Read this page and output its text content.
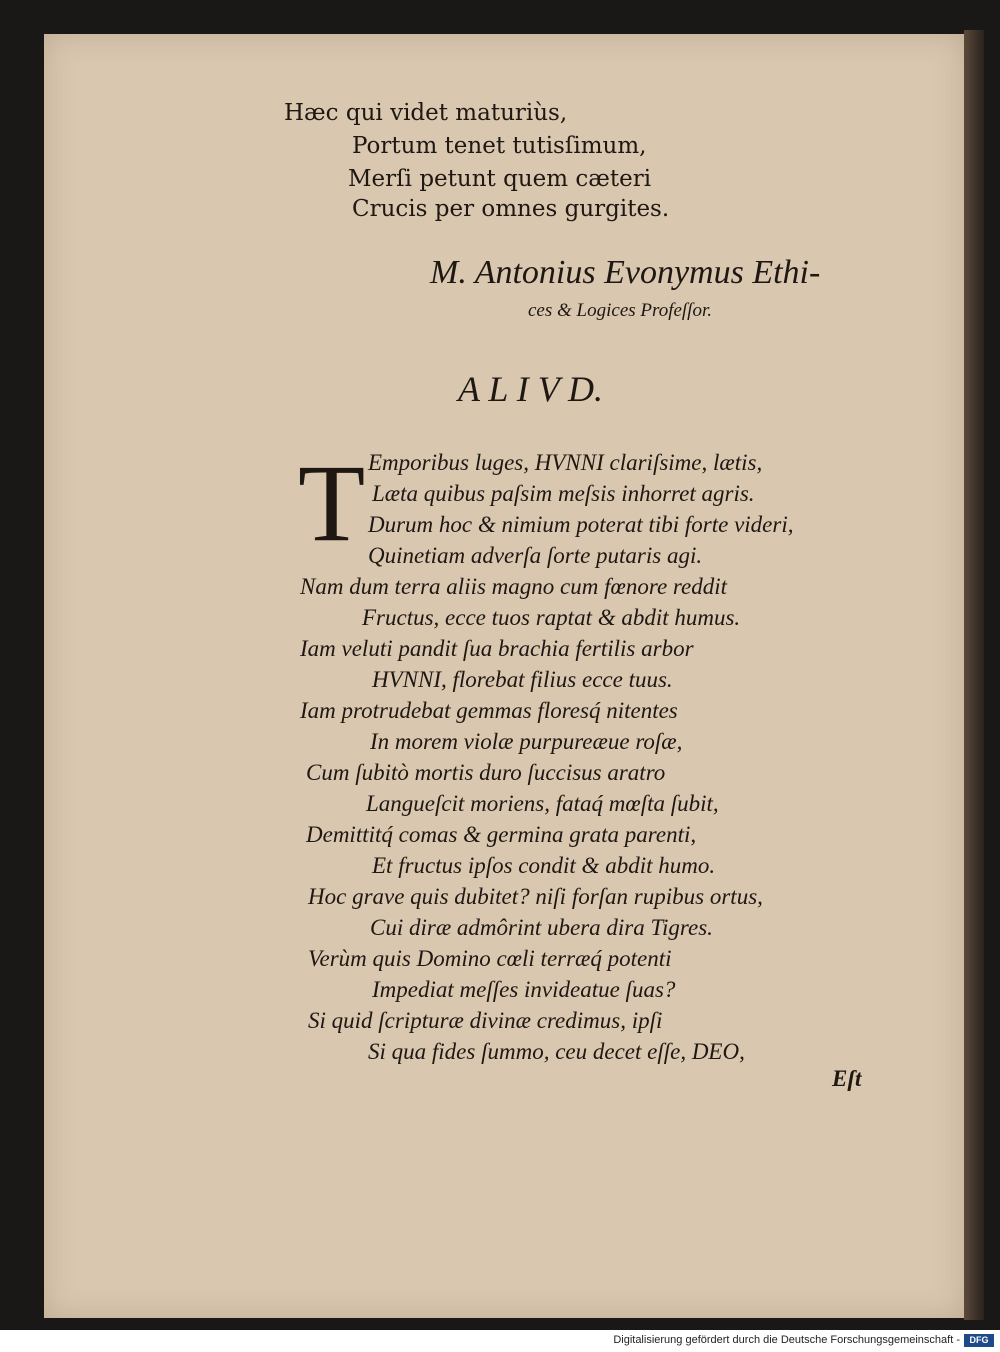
Hæc qui videt maturiùs,
Portum tenet tutisſimum,
Merſi petunt quem cæteri
Crucis per omnes gurgites.
M. Antonius Evonymus Ethi-
ces & Logices Profeſſor.
A L I V D.
T Emporibus luges, HVNNI clariſsime, lætis,
Læta quibus paſsim meſsis inhorret agris.
Durum hoc & nimium poterat tibi forte videri,
Quinetiam adverſa ſorte putaris agi.
Nam dum terra aliis magno cum fœnore reddit
Fructus, ecce tuos raptat & abdit humus.
Iam veluti pandit ſua brachia fertilis arbor
HVNNI, florebat filius ecce tuus.
Iam protrudebat gemmas floresq́ nitentes
In morem violæ purpureæue roſæ,
Cum ſubitò mortis duro ſuccisus aratro
Langueſcit moriens, fataq́ mœſta ſubit,
Demittitq́ comas & germina grata parenti,
Et fructus ipſos condit & abdit humo.
Hoc grave quis dubitet? niſi forſan rupibus ortus,
Cui diræ admôrint ubera dira Tigres.
Verùm quis Domino cœli terræq́ potenti
Impediat meſſes invideatue ſuas?
Si quid ſcripturæ divinæ credimus, ipſi
Si qua fides ſummo, ceu decet eſſe, DEO,
Eſt
Digitalisierung gefördert durch die Deutsche Forschungsgemeinschaft -	DFG
